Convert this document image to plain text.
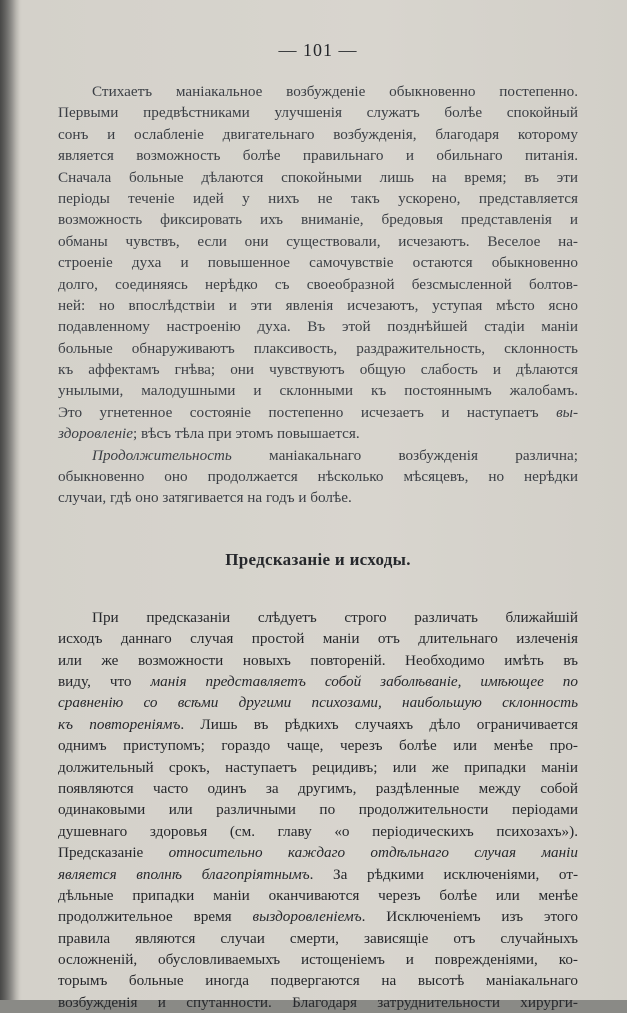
— 101 —
Стихаетъ маніакальное возбужденіе обыкновенно постепенно.
Первыми предвѣстниками улучшенія служатъ болѣе спокойный
сонъ и ослабленіе двигательнаго возбужденія, благодаря которому
является возможность болѣе правильнаго и обильнаго питанія.
Сначала больные дѣлаются спокойными лишь на время; въ эти
періоды теченіе идей у нихъ не такъ ускорено, представляется
возможность фиксировать ихъ вниманіе, бредовыя представленія и
обманы чувствъ, если они существовали, исчезаютъ. Веселое на-
строеніе духа и повышенное самочувствіе остаются обыкновенно
долго, соединяясь нерѣдко съ своеобразной безсмысленной болтов-
ней: но впослѣдствіи и эти явленія исчезаютъ, уступая мѣсто ясно
подавленному настроенію духа. Въ этой позднѣйшей стадіи маніи
больные обнаруживаютъ плаксивость, раздражительность, склонность
къ аффектамъ гнѣва; они чувствуютъ общую слабость и дѣлаются
унылыми, малодушными и склонными къ постояннымъ жалобамъ.
Это угнетенное состояніе постепенно исчезаетъ и наступаетъ вы-
здоровленіе; вѣсъ тѣла при этомъ повышается.
Продолжительность маніакальнаго возбужденія различна;
обыкновенно оно продолжается нѣсколько мѣсяцевъ, но нерѣдки
случаи, гдѣ оно затягивается на годъ и болѣе.
Предсказаніе и исходы.
При предсказаніи слѣдуетъ строго различать ближайшій
исходъ даннаго случая простой маніи отъ длительнаго излеченія
или же возможности новыхъ повтореній. Необходимо имѣть въ
виду, что манія представляетъ собой заболѣваніе, имѣющее по
сравненію со всѣми другими психозами, наибольшую склонность
къ повтореніямъ. Лишь въ рѣдкихъ случаяхъ дѣло ограничивается
однимъ приступомъ; гораздо чаще, черезъ болѣе или менѣе про-
должительный срокъ, наступаетъ рецидивъ; или же припадки маніи
появляются часто одинъ за другимъ, раздѣленные между собой
одинаковыми или различными по продолжительности періодами
душевнаго здоровья (см. главу «о періодическихъ психозахъ»).
Предсказаніе относительно каждаго отдѣльнаго случая маніи
является вполнѣ благопріятнымъ. За рѣдкими исключеніями, от-
дѣльные припадки маніи оканчиваются черезъ болѣе или менѣе
продолжительное время выздоровленіемъ. Исключеніемъ изъ этого
правила являются случаи смерти, зависящіе отъ случайныхъ
осложненій, обусловливаемыхъ истощеніемъ и поврежденіями, ко-
торымъ больные иногда подвергаются на высотѣ маніакальнаго
возбужденія и спутанности. Благодаря затруднительности хирурги-
